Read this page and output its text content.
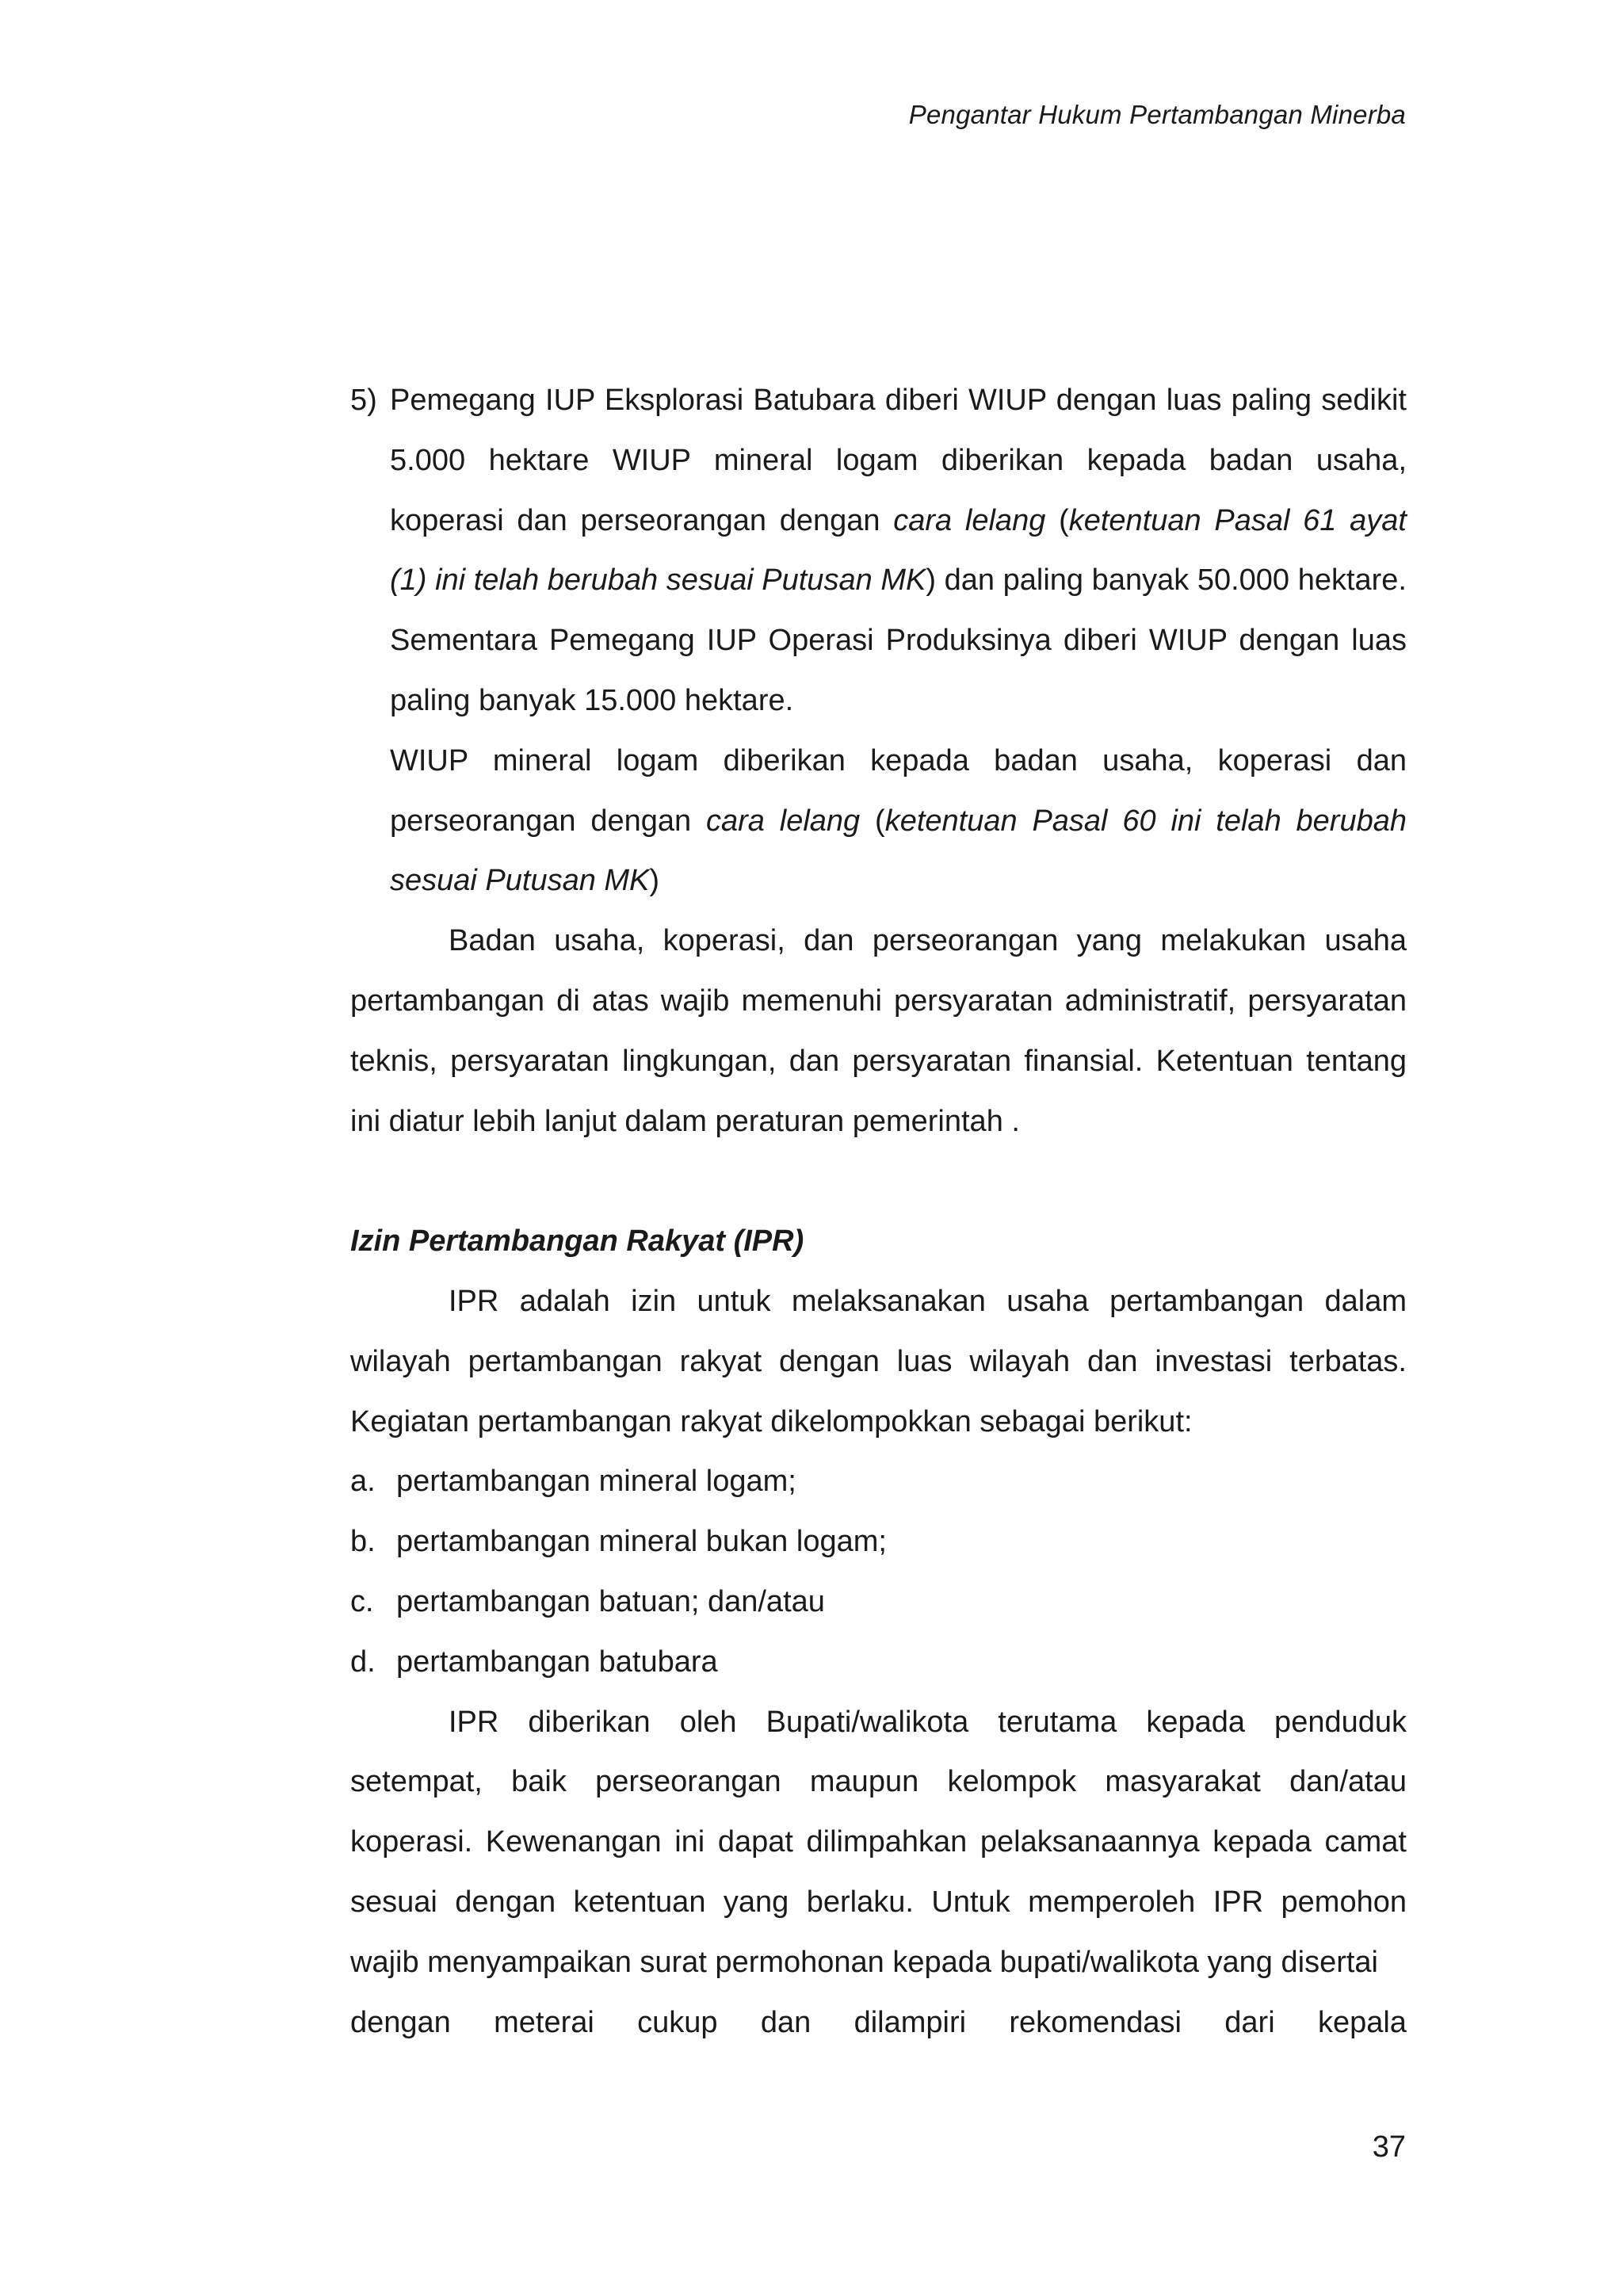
Pengantar Hukum Pertambangan Minerba
5) Pemegang IUP Eksplorasi Batubara diberi WIUP dengan luas paling sedikit 5.000 hektare WIUP mineral logam diberikan kepada badan usaha, koperasi dan perseorangan dengan cara lelang (ketentuan Pasal 61 ayat (1) ini telah berubah sesuai Putusan MK) dan paling banyak 50.000 hektare. Sementara Pemegang IUP Operasi Produksinya diberi WIUP dengan luas paling banyak 15.000 hektare.

WIUP mineral logam diberikan kepada badan usaha, koperasi dan perseorangan dengan cara lelang (ketentuan Pasal 60 ini telah berubah sesuai Putusan MK)

Badan usaha, koperasi, dan perseorangan yang melakukan usaha pertambangan di atas wajib memenuhi persyaratan administratif, persyaratan teknis, persyaratan lingkungan, dan persyaratan finansial. Ketentuan tentang ini diatur lebih lanjut dalam peraturan pemerintah .

Izin Pertambangan Rakyat (IPR)

IPR adalah izin untuk melaksanakan usaha pertambangan dalam wilayah pertambangan rakyat dengan luas wilayah dan investasi terbatas. Kegiatan pertambangan rakyat dikelompokkan sebagai berikut:

a. pertambangan mineral logam;
b. pertambangan mineral bukan logam;
c. pertambangan batuan; dan/atau
d. pertambangan batubara

IPR diberikan oleh Bupati/walikota terutama kepada penduduk setempat, baik perseorangan maupun kelompok masyarakat dan/atau koperasi. Kewenangan ini dapat dilimpahkan pelaksanaannya kepada camat sesuai dengan ketentuan yang berlaku. Untuk memperoleh IPR pemohon wajib menyampaikan surat permohonan kepada bupati/walikota yang disertai

dengan meterai cukup dan dilampiri rekomendasi dari kepala
37
